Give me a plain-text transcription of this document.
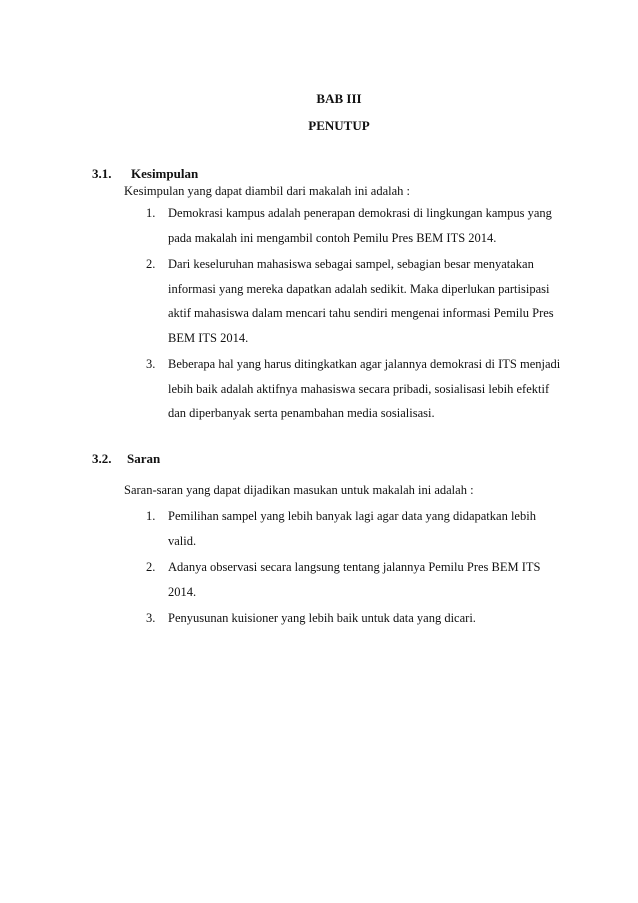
BAB III
PENUTUP
3.1. Kesimpulan
Kesimpulan yang dapat diambil dari makalah ini adalah :
1. Demokrasi kampus adalah penerapan demokrasi di lingkungan kampus yang pada makalah ini mengambil contoh Pemilu Pres BEM ITS 2014.
2. Dari keseluruhan mahasiswa sebagai sampel, sebagian besar menyatakan informasi yang mereka dapatkan adalah sedikit. Maka diperlukan partisipasi aktif mahasiswa dalam mencari tahu sendiri mengenai informasi Pemilu Pres BEM ITS 2014.
3. Beberapa hal yang harus ditingkatkan agar jalannya demokrasi di ITS menjadi lebih baik adalah aktifnya mahasiswa secara pribadi, sosialisasi lebih efektif dan diperbanyak serta penambahan media sosialisasi.
3.2. Saran
Saran-saran yang dapat dijadikan masukan untuk makalah ini adalah :
1. Pemilihan sampel yang lebih banyak lagi agar data yang didapatkan lebih valid.
2. Adanya observasi secara langsung tentang jalannya Pemilu Pres BEM ITS 2014.
3. Penyusunan kuisioner yang lebih baik untuk data yang dicari.
